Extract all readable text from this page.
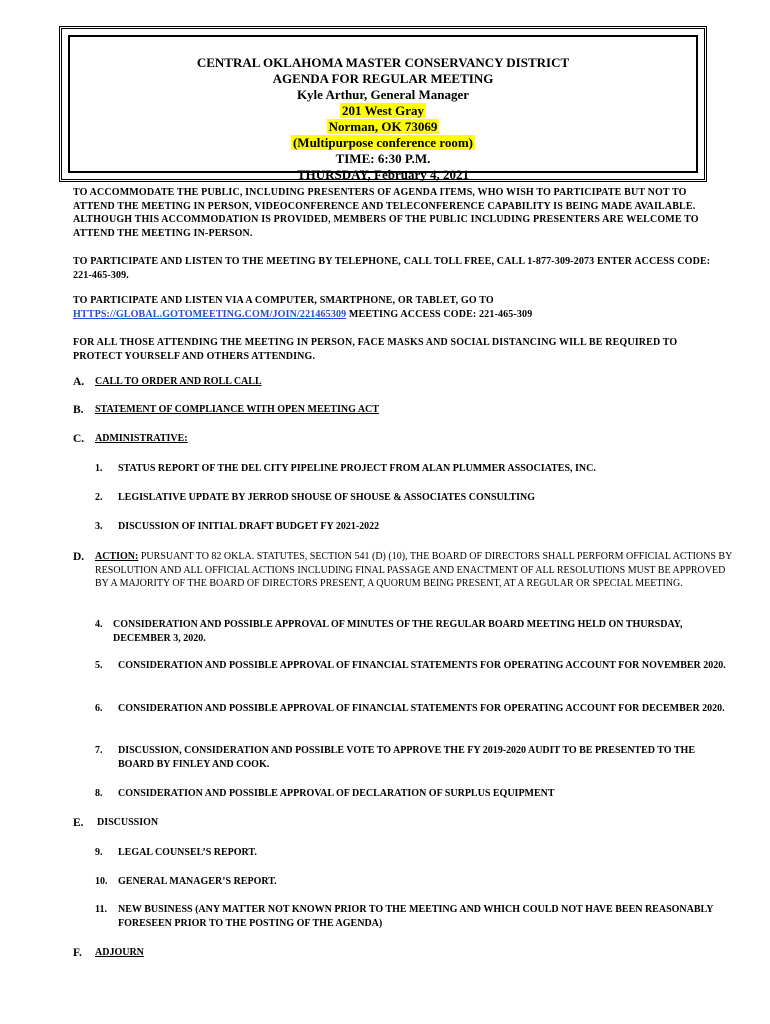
CENTRAL OKLAHOMA MASTER CONSERVANCY DISTRICT
AGENDA FOR REGULAR MEETING
Kyle Arthur, General Manager
201 West Gray
Norman, OK 73069
(Multipurpose conference room)
TIME: 6:30 P.M.
THURSDAY, February 4, 2021
TO ACCOMMODATE THE PUBLIC, INCLUDING PRESENTERS OF AGENDA ITEMS, WHO WISH TO PARTICIPATE BUT NOT TO ATTEND THE MEETING IN PERSON, VIDEOCONFERENCE AND TELECONFERENCE CAPABILITY IS BEING MADE AVAILABLE. ALTHOUGH THIS ACCOMMODATION IS PROVIDED, MEMBERS OF THE PUBLIC INCLUDING PRESENTERS ARE WELCOME TO ATTEND THE MEETING IN-PERSON.
TO PARTICIPATE AND LISTEN TO THE MEETING BY TELEPHONE, CALL TOLL FREE, CALL 1-877-309-2073 ENTER ACCESS CODE: 221-465-309.
TO PARTICIPATE AND LISTEN VIA A COMPUTER, SMARTPHONE, OR TABLET, GO TO
HTTPS://GLOBAL.GOTOMEETING.COM/JOIN/221465309 MEETING ACCESS CODE: 221-465-309
FOR ALL THOSE ATTENDING THE MEETING IN PERSON, FACE MASKS AND SOCIAL DISTANCING WILL BE REQUIRED TO PROTECT YOURSELF AND OTHERS ATTENDING.
A. CALL TO ORDER AND ROLL CALL
B. STATEMENT OF COMPLIANCE WITH OPEN MEETING ACT
C. ADMINISTRATIVE:
1. STATUS REPORT OF THE DEL CITY PIPELINE PROJECT FROM ALAN PLUMMER ASSOCIATES, INC.
2. LEGISLATIVE UPDATE BY JERROD SHOUSE OF SHOUSE & ASSOCIATES CONSULTING
3. DISCUSSION OF INITIAL DRAFT BUDGET FY 2021-2022
D. ACTION: PURSUANT TO 82 OKLA. STATUTES, SECTION 541 (D) (10), THE BOARD OF DIRECTORS SHALL PERFORM OFFICIAL ACTIONS BY RESOLUTION AND ALL OFFICIAL ACTIONS INCLUDING FINAL PASSAGE AND ENACTMENT OF ALL RESOLUTIONS MUST BE APPROVED BY A MAJORITY OF THE BOARD OF DIRECTORS PRESENT, A QUORUM BEING PRESENT, AT A REGULAR OR SPECIAL MEETING.
4. CONSIDERATION AND POSSIBLE APPROVAL OF MINUTES OF THE REGULAR BOARD MEETING HELD ON THURSDAY, DECEMBER 3, 2020.
5. CONSIDERATION AND POSSIBLE APPROVAL OF FINANCIAL STATEMENTS FOR OPERATING ACCOUNT FOR NOVEMBER 2020.
6. CONSIDERATION AND POSSIBLE APPROVAL OF FINANCIAL STATEMENTS FOR OPERATING ACCOUNT FOR DECEMBER 2020.
7. DISCUSSION, CONSIDERATION AND POSSIBLE VOTE TO APPROVE THE FY 2019-2020 AUDIT TO BE PRESENTED TO THE BOARD BY FINLEY AND COOK.
8. CONSIDERATION AND POSSIBLE APPROVAL OF DECLARATION OF SURPLUS EQUIPMENT
E. DISCUSSION
9. LEGAL COUNSEL’S REPORT.
10. GENERAL MANAGER’S REPORT.
11. NEW BUSINESS (ANY MATTER NOT KNOWN PRIOR TO THE MEETING AND WHICH COULD NOT HAVE BEEN REASONABLY FORESEEN PRIOR TO THE POSTING OF THE AGENDA)
F. ADJOURN
